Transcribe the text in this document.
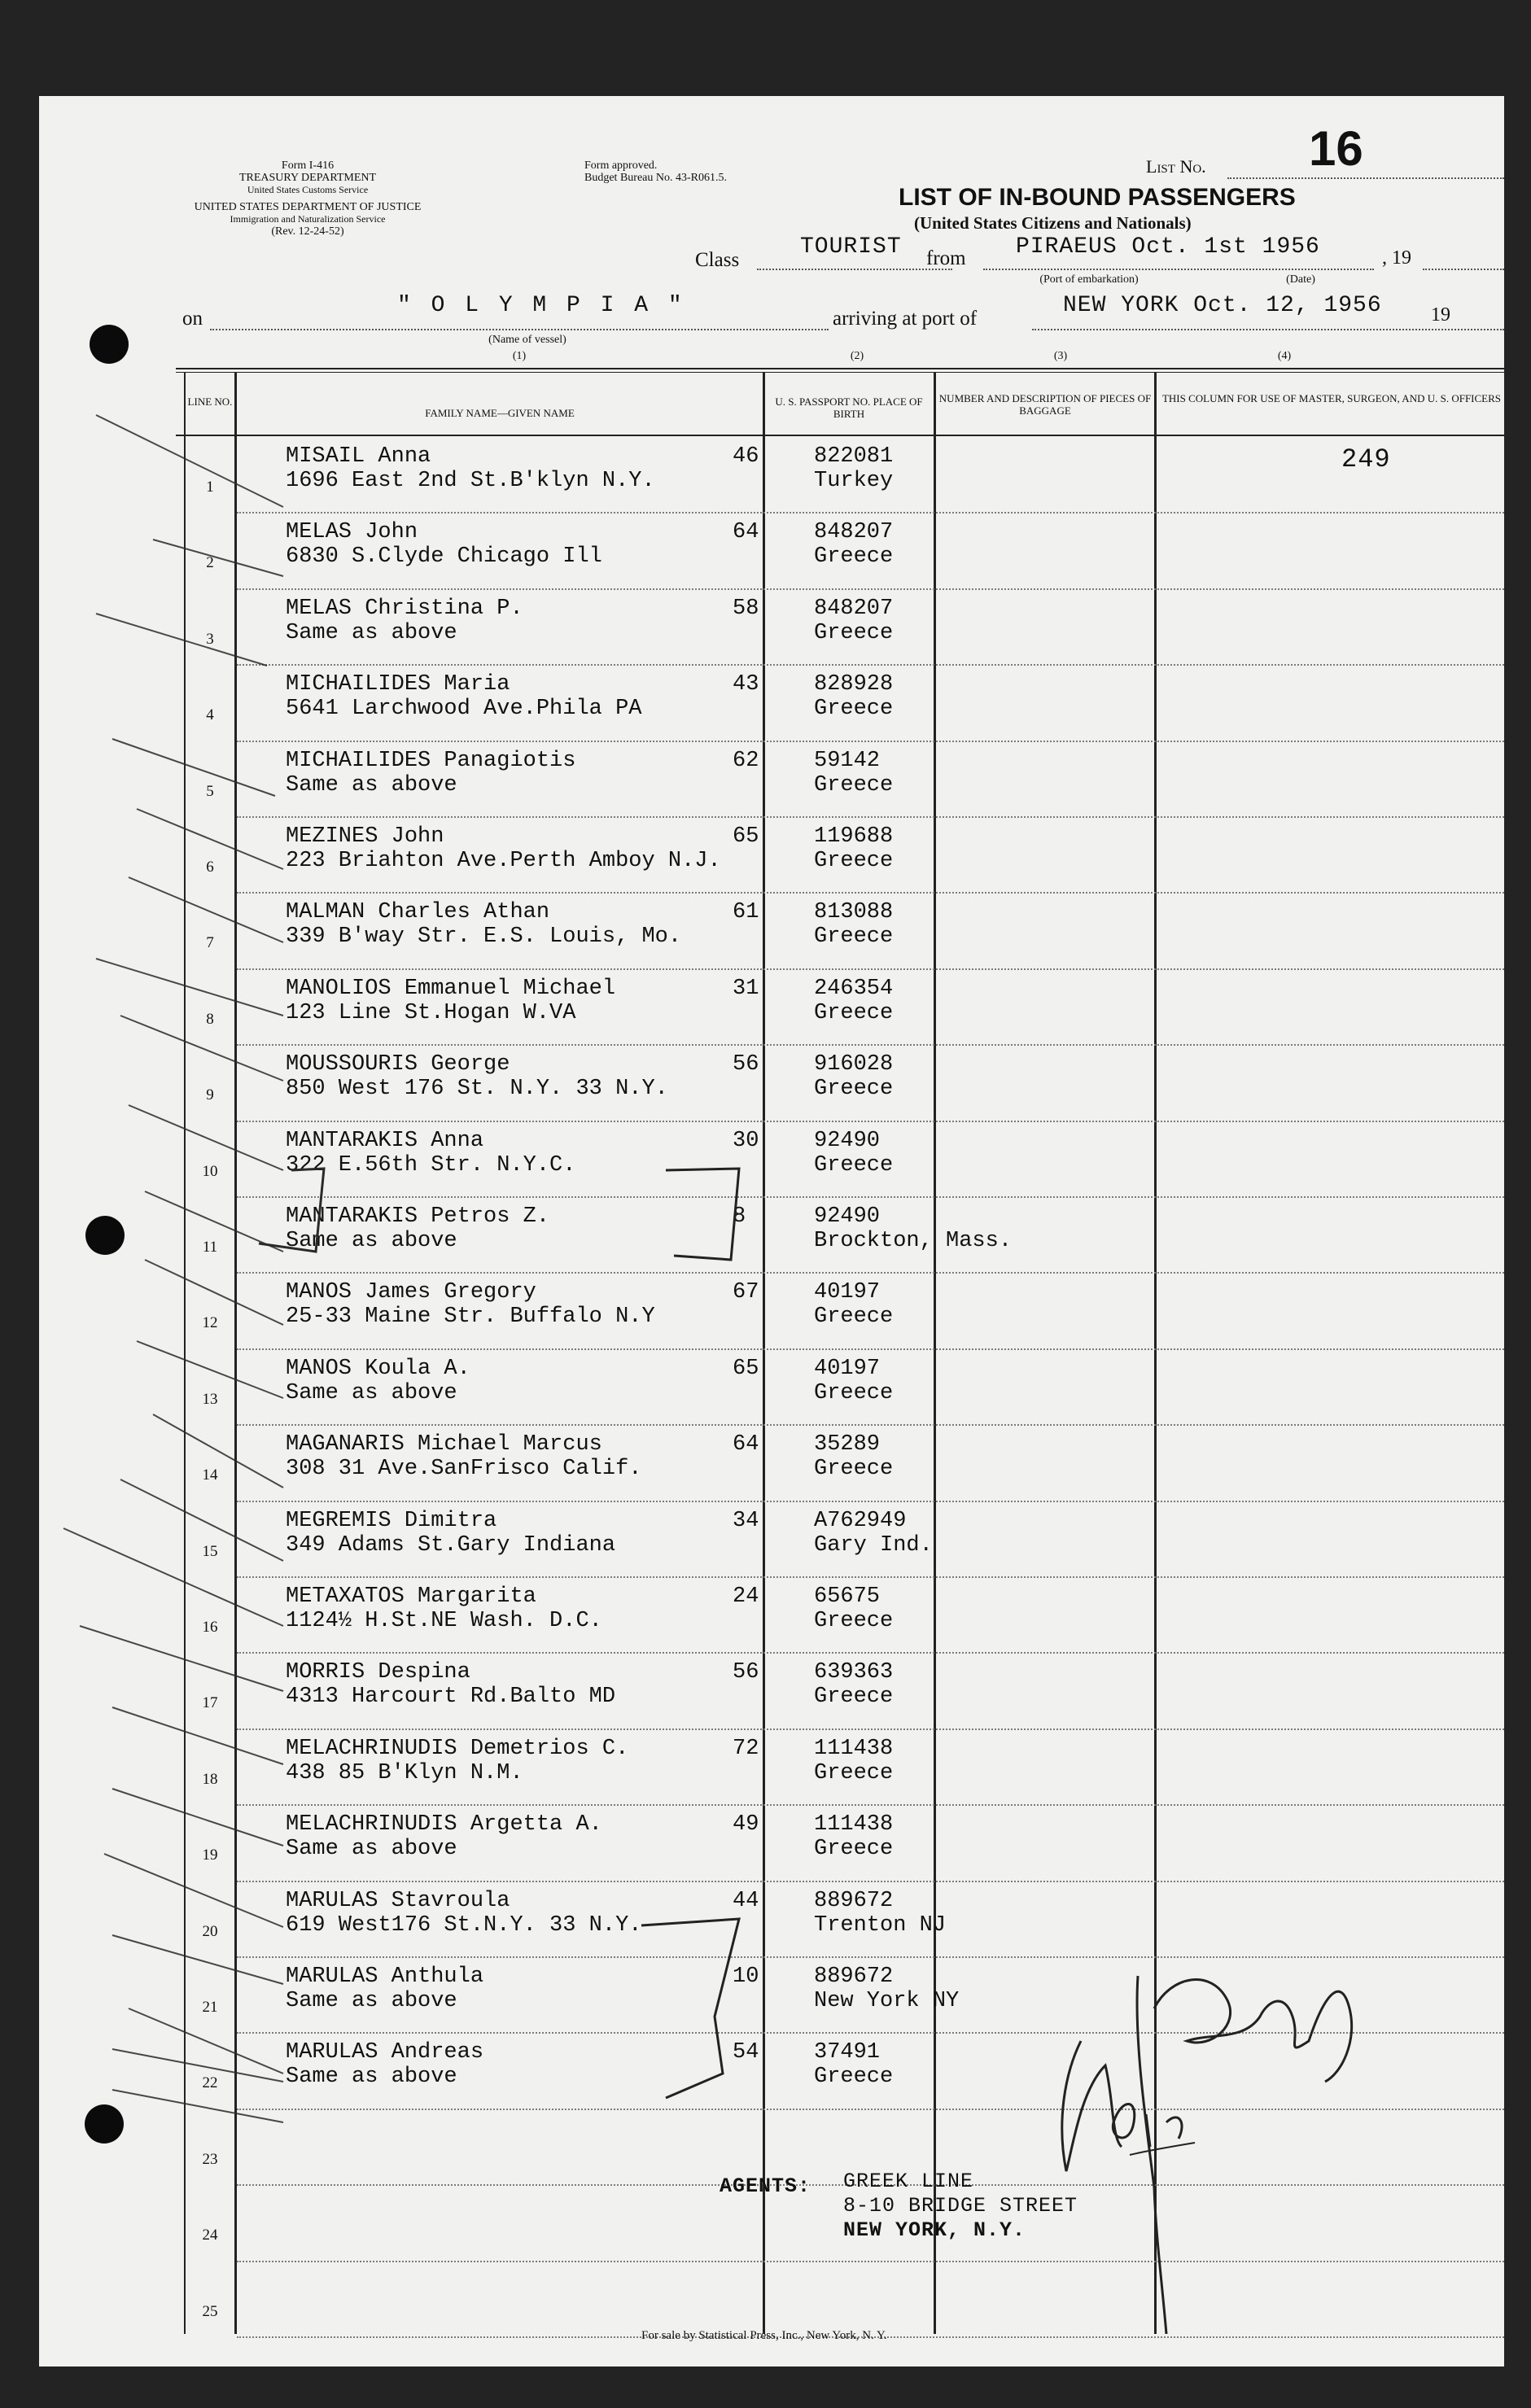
Form I-416
TREASURY DEPARTMENT
United States Customs Service
UNITED STATES DEPARTMENT OF JUSTICE
Immigration and Naturalization Service
(Rev. 12-24-52)
Form approved.
Budget Bureau No. 43-R061.5.
List No. 16
LIST OF IN-BOUND PASSENGERS
(United States Citizens and Nationals)
Class
TOURIST from PIRAEUS Oct. 1st 1956	, 19
(Port of embarkation)	(Date)
on
" O L Y M P I A "
(Name of vessel)
arriving at port of
NEW YORK Oct. 12, 1956	19
(1)	(2)	(3)	(4)
LINE NO.
FAMILY NAME—GIVEN NAME
U. S. PASSPORT NO. PLACE OF BIRTH
NUMBER AND DESCRIPTION OF PIECES OF BAGGAGE
THIS COLUMN FOR USE OF MASTER, SURGEON, AND U. S. OFFICERS
249
1
MISAIL Anna
1696 East 2nd St.B'klyn N.Y.
46	822081
Turkey
2
MELAS John
6830 S.Clyde Chicago Ill
64	848207
Greece
3
MELAS Christina P.
Same as above
58	848207
Greece
4
MICHAILIDES Maria
5641 Larchwood Ave.Phila PA
43	828928
Greece
5
MICHAILIDES Panagiotis
Same as above
62	59142
Greece
6
MEZINES John
223 Briahton Ave.Perth Amboy N.J.
65	119688
Greece
7
MALMAN Charles Athan
339 B'way Str. E.S. Louis, Mo.
61	813088
Greece
8
MANOLIOS Emmanuel Michael
123 Line St.Hogan W.VA
31	246354
Greece
9
MOUSSOURIS George
850 West 176 St. N.Y. 33 N.Y.
56	916028
Greece
10
MANTARAKIS Anna
322 E.56th Str. N.Y.C.
30	92490
Greece
11
MANTARAKIS Petros Z.
Same as above
8	92490
Brockton, Mass.
12
MANOS James Gregory
25-33 Maine Str. Buffalo N.Y
67	40197
Greece
13
MANOS Koula A.
Same as above
65	40197
Greece
14
MAGANARIS Michael Marcus
308 31 Ave.SanFrisco Calif.
64	35289
Greece
15
MEGREMIS Dimitra
349 Adams St.Gary Indiana
34	A762949
Gary Ind.
16
METAXATOS Margarita
1124½ H.St.NE Wash. D.C.
24	65675
Greece
17
MORRIS Despina
4313 Harcourt Rd.Balto MD
56	639363
Greece
18
MELACHRINUDIS Demetrios C.
438 85 B'Klyn N.M.
72	111438
Greece
19
MELACHRINUDIS Argetta A.
Same as above
49	111438
Greece
20
MARULAS Stavroula
619 West176 St.N.Y. 33 N.Y.
44	889672
Trenton NJ
21
MARULAS Anthula
Same as above
10	889672
New York NY
22
MARULAS Andreas
Same as above
54	37491
Greece
23
24
25
AGENTS: GREEK LINE
8-10 BRIDGE STREET
NEW YORK, N.Y.
For sale by Statistical Press, Inc., New York, N. Y.
